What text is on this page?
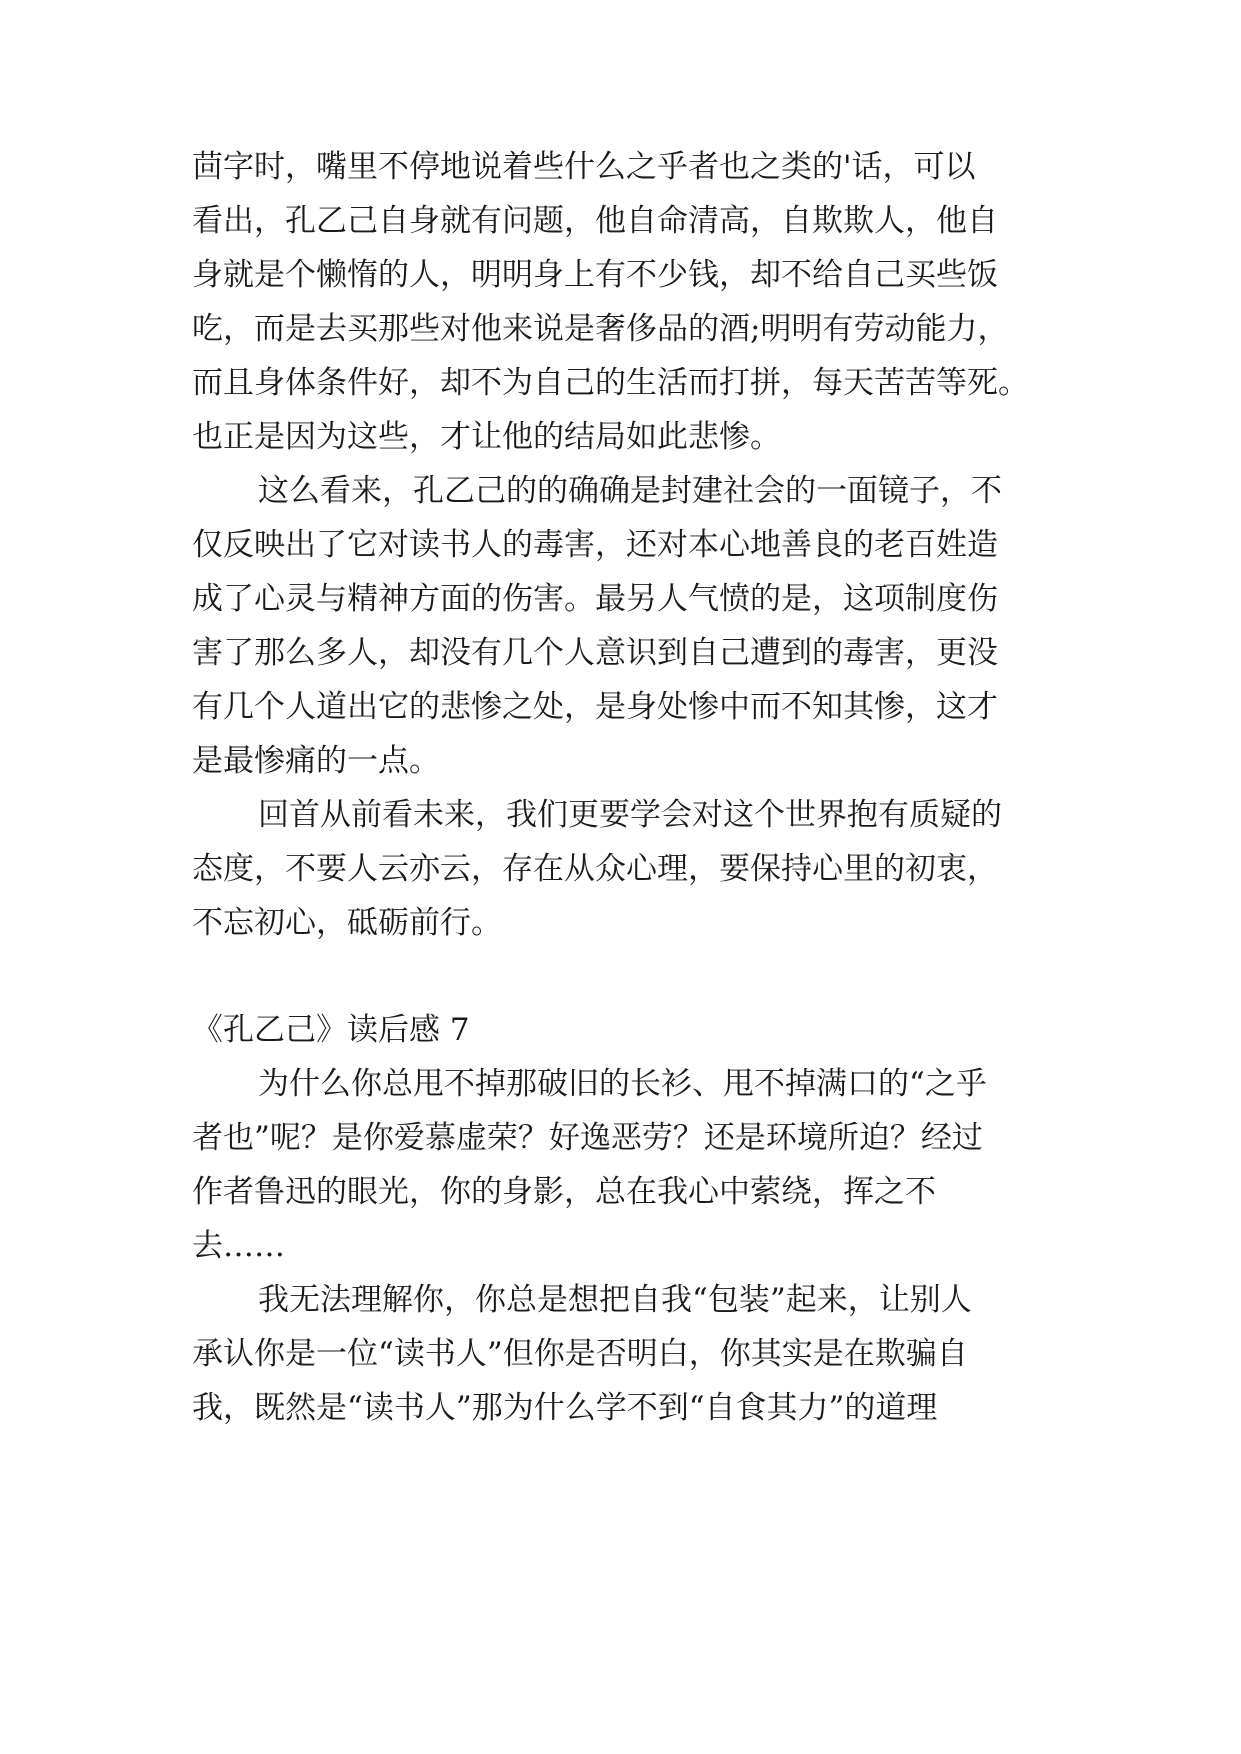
茴字时，嘴里不停地说着些什么之乎者也之类的'话，可以
看出，孔乙己自身就有问题，他自命清高，自欺欺人，他自
身就是个懒惰的人，明明身上有不少钱，却不给自己买些饭
吃，而是去买那些对他来说是奢侈品的酒;明明有劳动能力，
而且身体条件好，却不为自己的生活而打拼，每天苦苦等死。
也正是因为这些，才让他的结局如此悲惨。
这么看来，孔乙己的的确确是封建社会的一面镜子，不
仅反映出了它对读书人的毒害，还对本心地善良的老百姓造
成了心灵与精神方面的伤害。最另人气愤的是，这项制度伤
害了那么多人，却没有几个人意识到自己遭到的毒害，更没
有几个人道出它的悲惨之处，是身处惨中而不知其惨，这才
是最惨痛的一点。
回首从前看未来，我们更要学会对这个世界抱有质疑的
态度，不要人云亦云，存在从众心理，要保持心里的初衷，
不忘初心，砥砺前行。
《孔乙己》读后感 7
为什么你总甩不掉那破旧的长衫、甩不掉满口的“之乎
者也”呢？是你爱慕虚荣？好逸恶劳？还是环境所迫？经过
作者鲁迅的眼光，你的身影，总在我心中萦绕，挥之不
去……
我无法理解你，你总是想把自我“包装”起来，让别人
承认你是一位“读书人”但你是否明白，你其实是在欺骗自
我，既然是“读书人”那为什么学不到“自食其力”的道理
